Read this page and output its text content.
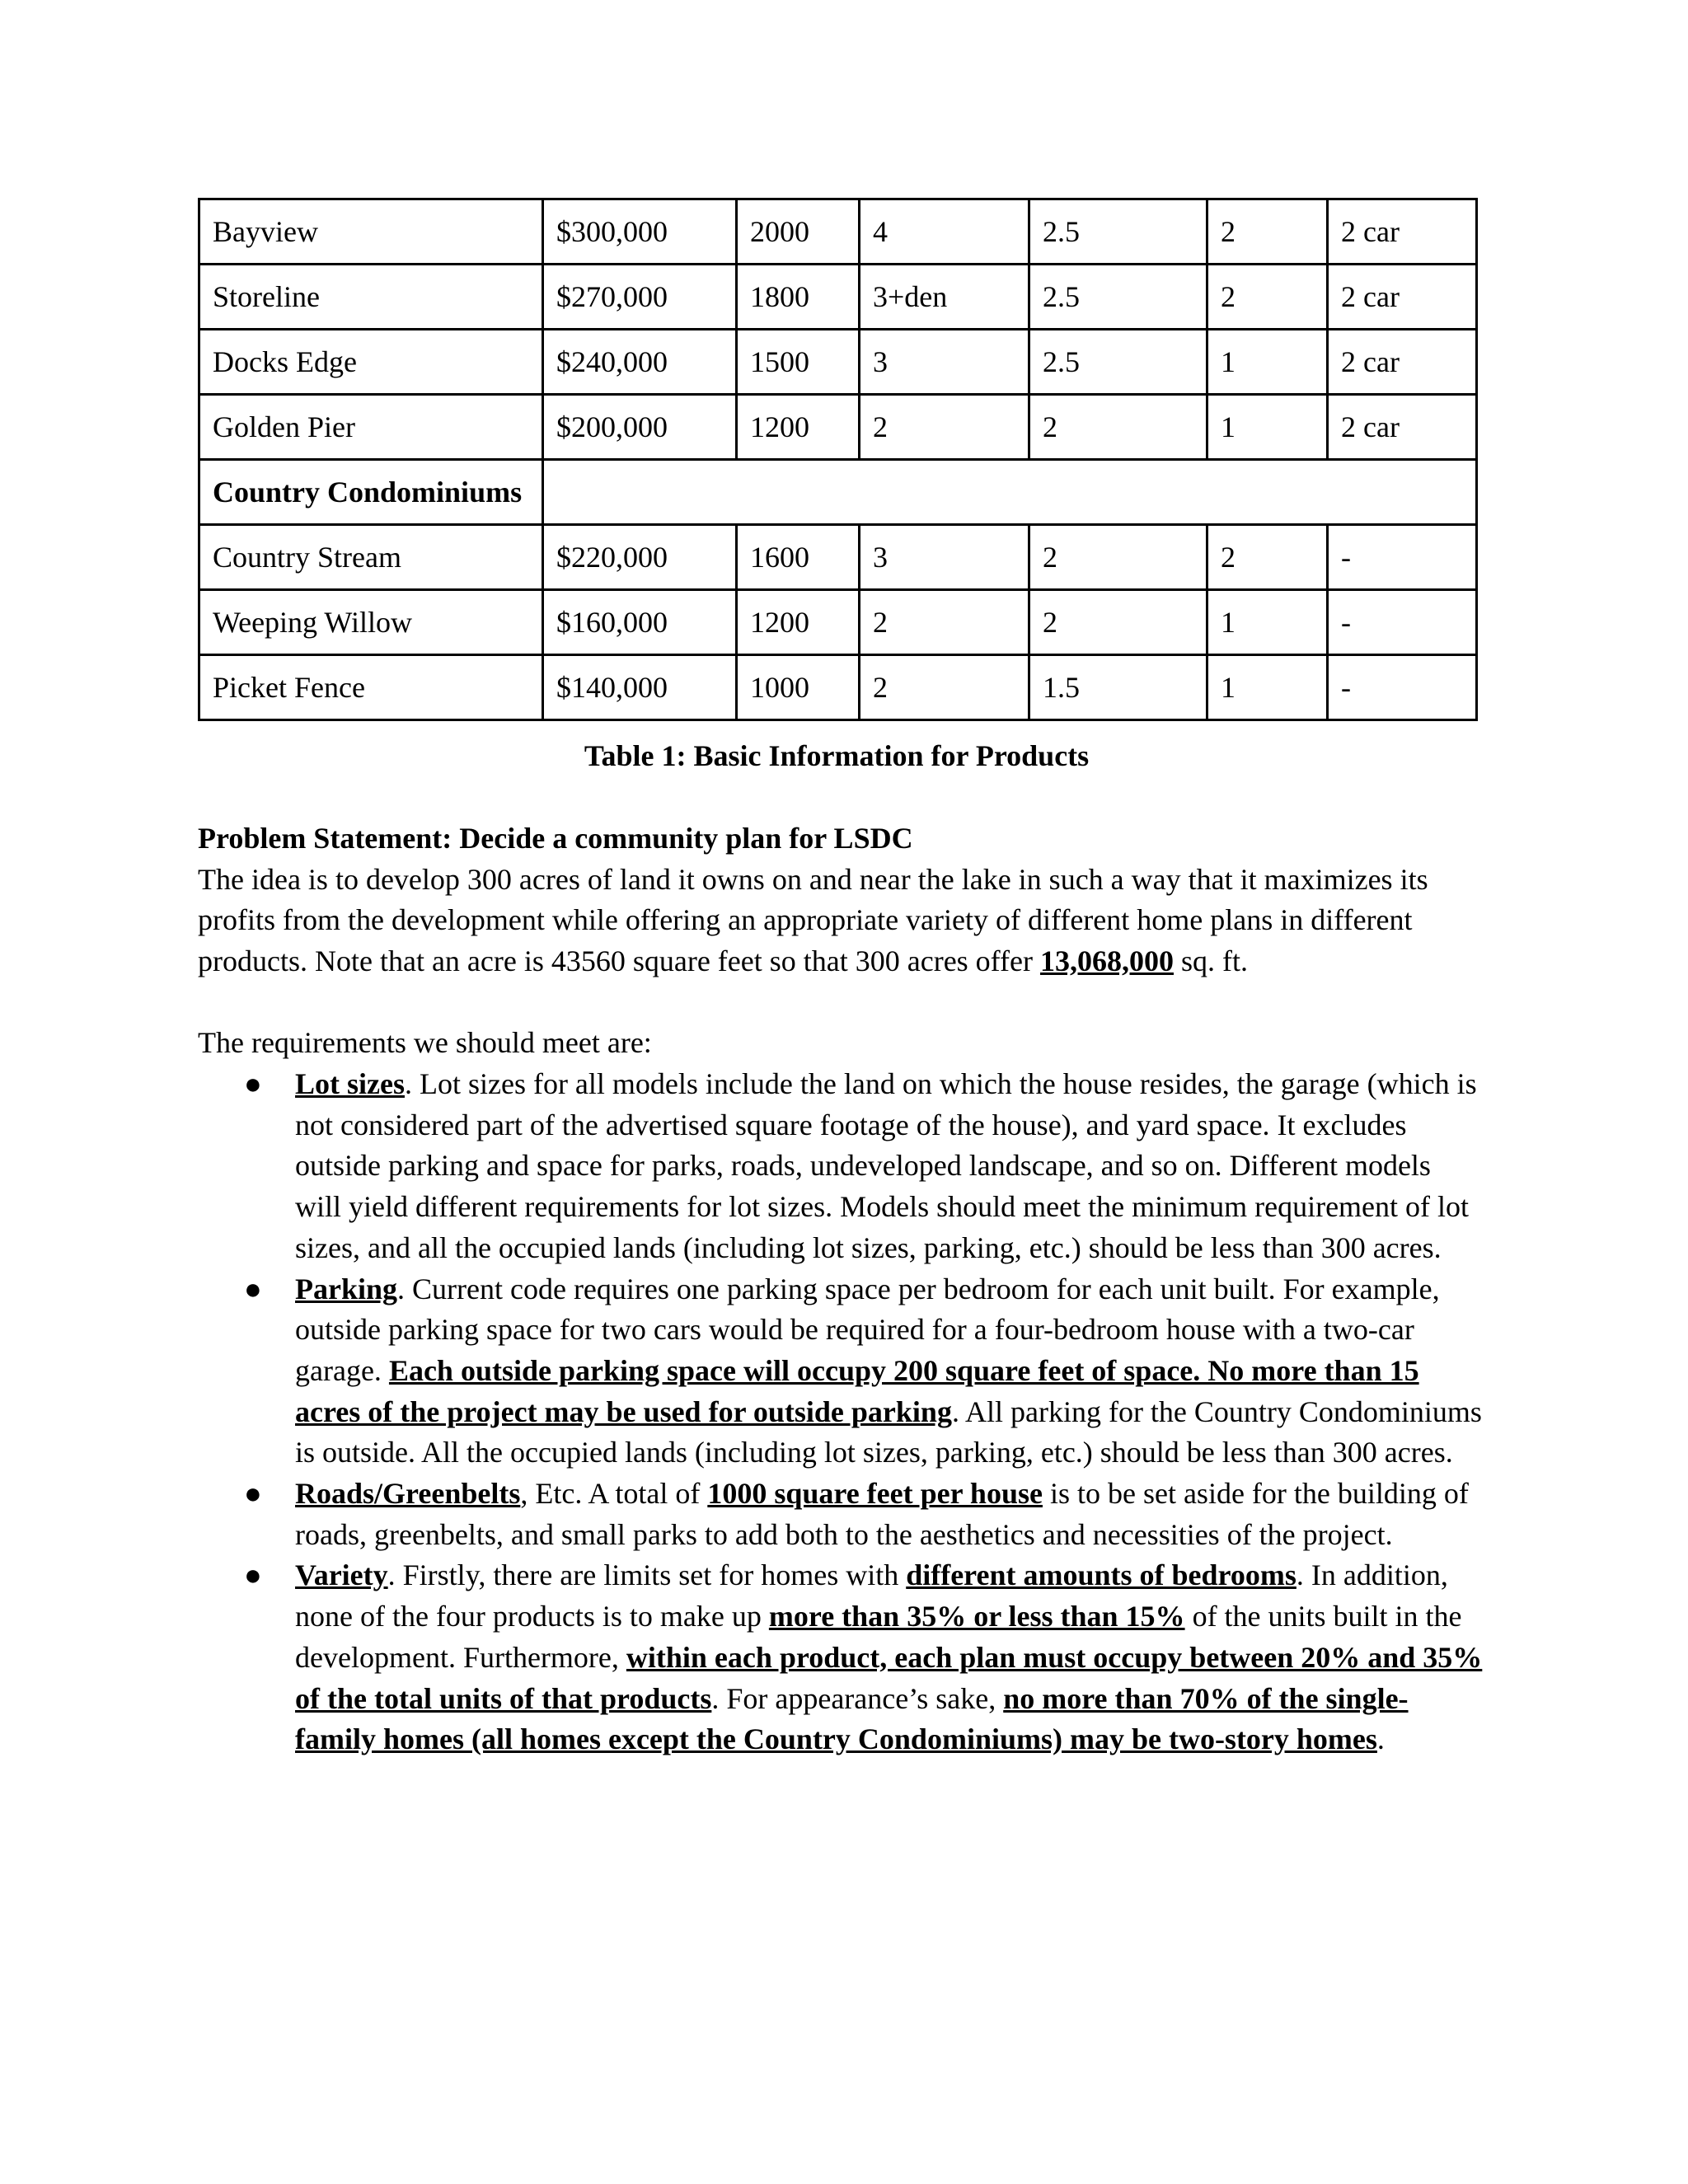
Bayview	$300,000	2000	4	2.5	2	2 car
Storeline	$270,000	1800	3+den	2.5	2	2 car
Docks Edge	$240,000	1500	3	2.5	1	2 car
Golden Pier	$200,000	1200	2	2	1	2 car
Country Condominiums						
Country Stream	$220,000	1600	3	2	2	-
Weeping Willow	$160,000	1200	2	2	1	-
Picket Fence	$140,000	1000	2	1.5	1	-
Table 1: Basic Information for Products
Problem Statement: Decide a community plan for LSDC
The idea is to develop 300 acres of land it owns on and near the lake in such a way that it maximizes its profits from the development while offering an appropriate variety of different home plans in different products. Note that an acre is 43560 square feet so that 300 acres offer 13,068,000 sq. ft.
The requirements we should meet are:
● Lot sizes. Lot sizes for all models include the land on which the house resides, the garage (which is not considered part of the advertised square footage of the house), and yard space. It excludes outside parking and space for parks, roads, undeveloped landscape, and so on. Different models will yield different requirements for lot sizes. Models should meet the minimum requirement of lot sizes, and all the occupied lands (including lot sizes, parking, etc.) should be less than 300 acres.
● Parking. Current code requires one parking space per bedroom for each unit built. For example, outside parking space for two cars would be required for a four-bedroom house with a two-car garage. Each outside parking space will occupy 200 square feet of space. No more than 15 acres of the project may be used for outside parking. All parking for the Country Condominiums is outside. All the occupied lands (including lot sizes, parking, etc.) should be less than 300 acres.
● Roads/Greenbelts, Etc. A total of 1000 square feet per house is to be set aside for the building of roads, greenbelts, and small parks to add both to the aesthetics and necessities of the project.
● Variety. Firstly, there are limits set for homes with different amounts of bedrooms. In addition, none of the four products is to make up more than 35% or less than 15% of the units built in the development. Furthermore, within each product, each plan must occupy between 20% and 35% of the total units of that products. For appearance’s sake, no more than 70% of the single-family homes (all homes except the Country Condominiums) may be two-story homes.
